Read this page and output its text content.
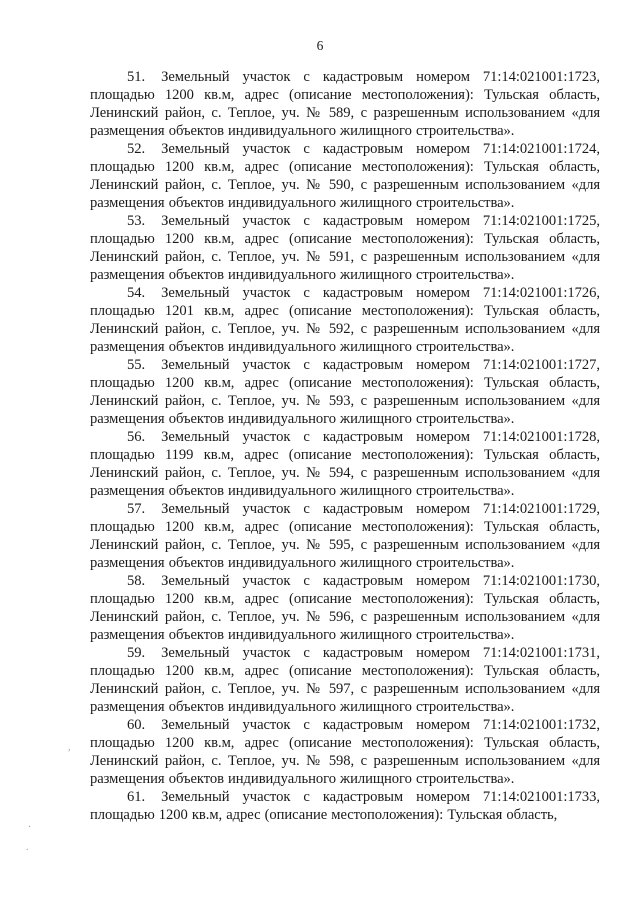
6

51. Земельный участок с кадастровым номером 71:14:021001:1723, площадью 1200 кв.м, адрес (описание местоположения): Тульская область, Ленинский район, с. Теплое, уч. № 589, с разрешенным использованием «для размещения объектов индивидуального жилищного строительства».

52. Земельный участок с кадастровым номером 71:14:021001:1724, площадью 1200 кв.м, адрес (описание местоположения): Тульская область, Ленинский район, с. Теплое, уч. № 590, с разрешенным использованием «для размещения объектов индивидуального жилищного строительства».

53. Земельный участок с кадастровым номером 71:14:021001:1725, площадью 1200 кв.м, адрес (описание местоположения): Тульская область, Ленинский район, с. Теплое, уч. № 591, с разрешенным использованием «для размещения объектов индивидуального жилищного строительства».

54. Земельный участок с кадастровым номером 71:14:021001:1726, площадью 1201 кв.м, адрес (описание местоположения): Тульская область, Ленинский район, с. Теплое, уч. № 592, с разрешенным использованием «для размещения объектов индивидуального жилищного строительства».

55. Земельный участок с кадастровым номером 71:14:021001:1727, площадью 1200 кв.м, адрес (описание местоположения): Тульская область, Ленинский район, с. Теплое, уч. № 593, с разрешенным использованием «для размещения объектов индивидуального жилищного строительства».

56. Земельный участок с кадастровым номером 71:14:021001:1728, площадью 1199 кв.м, адрес (описание местоположения): Тульская область, Ленинский район, с. Теплое, уч. № 594, с разрешенным использованием «для размещения объектов индивидуального жилищного строительства».

57. Земельный участок с кадастровым номером 71:14:021001:1729, площадью 1200 кв.м, адрес (описание местоположения): Тульская область, Ленинский район, с. Теплое, уч. № 595, с разрешенным использованием «для размещения объектов индивидуального жилищного строительства».

58. Земельный участок с кадастровым номером 71:14:021001:1730, площадью 1200 кв.м, адрес (описание местоположения): Тульская область, Ленинский район, с. Теплое, уч. № 596, с разрешенным использованием «для размещения объектов индивидуального жилищного строительства».

59. Земельный участок с кадастровым номером 71:14:021001:1731, площадью 1200 кв.м, адрес (описание местоположения): Тульская область, Ленинский район, с. Теплое, уч. № 597, с разрешенным использованием «для размещения объектов индивидуального жилищного строительства».

60. Земельный участок с кадастровым номером 71:14:021001:1732, площадью 1200 кв.м, адрес (описание местоположения): Тульская область, Ленинский район, с. Теплое, уч. № 598, с разрешенным использованием «для размещения объектов индивидуального жилищного строительства».

61. Земельный участок с кадастровым номером 71:14:021001:1733, площадью 1200 кв.м, адрес (описание местоположения): Тульская область,

,
·
.
